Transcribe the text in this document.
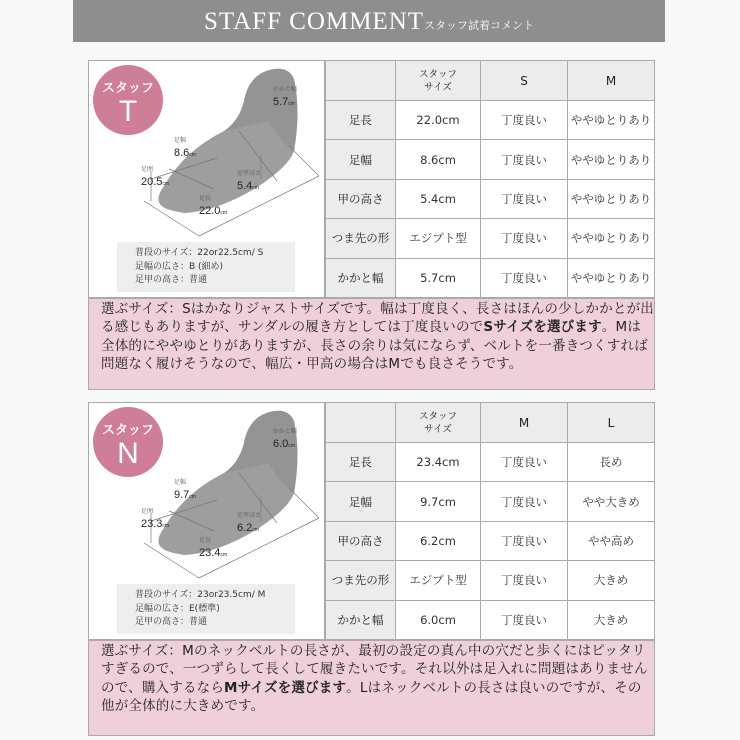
STAFF COMMENTスタッフ試着コメント
スタッフ
T
かかと幅
5.7cm
足幅
8.6cm
足囲
20.5cm
足甲高さ
5.4cm
足長
22.0cm
普段のサイズ：22or22.5cm/ S
足幅の広さ：B (細め)
足甲の高さ：普通
	スタッフ
サイズ	S	M
足長	22.0cm	丁度良い	ややゆとりあり
足幅	8.6cm	丁度良い	ややゆとりあり
甲の高さ	5.4cm	丁度良い	ややゆとりあり
つま先の形	エジプト型	丁度良い	ややゆとりあり
かかと幅	5.7cm	丁度良い	ややゆとりあり
選ぶサイズ：Sはかなりジャストサイズです。幅は丁度良く、長さはほんの少しかかとが出る感じもありますが、サンダルの履き方としては丁度良いのでSサイズを選びます。Mは全体的にややゆとりがありますが、長さの余りは気にならず、ベルトを一番きつくすれば問題なく履けそうなので、幅広・甲高の場合はMでも良さそうです。
スタッフ
N
かかと幅
6.0cm
足幅
9.7cm
足囲
23.3cm
足甲高さ
6.2cm
足長
23.4cm
普段のサイズ：23or23.5cm/ M
足幅の広さ：E(標準)
足甲の高さ：普通
	スタッフ
サイズ	M	L
足長	23.4cm	丁度良い	長め
足幅	9.7cm	丁度良い	やや大きめ
甲の高さ	6.2cm	丁度良い	やや高め
つま先の形	エジプト型	丁度良い	大きめ
かかと幅	6.0cm	丁度良い	大きめ
選ぶサイズ：Mのネックベルトの長さが、最初の設定の真ん中の穴だと歩くにはピッタリすぎるので、一つずらして長くして履きたいです。それ以外は足入れに問題はありませんので、購入するならMサイズを選びます。Lはネックベルトの長さは良いのですが、その他が全体的に大きめです。
